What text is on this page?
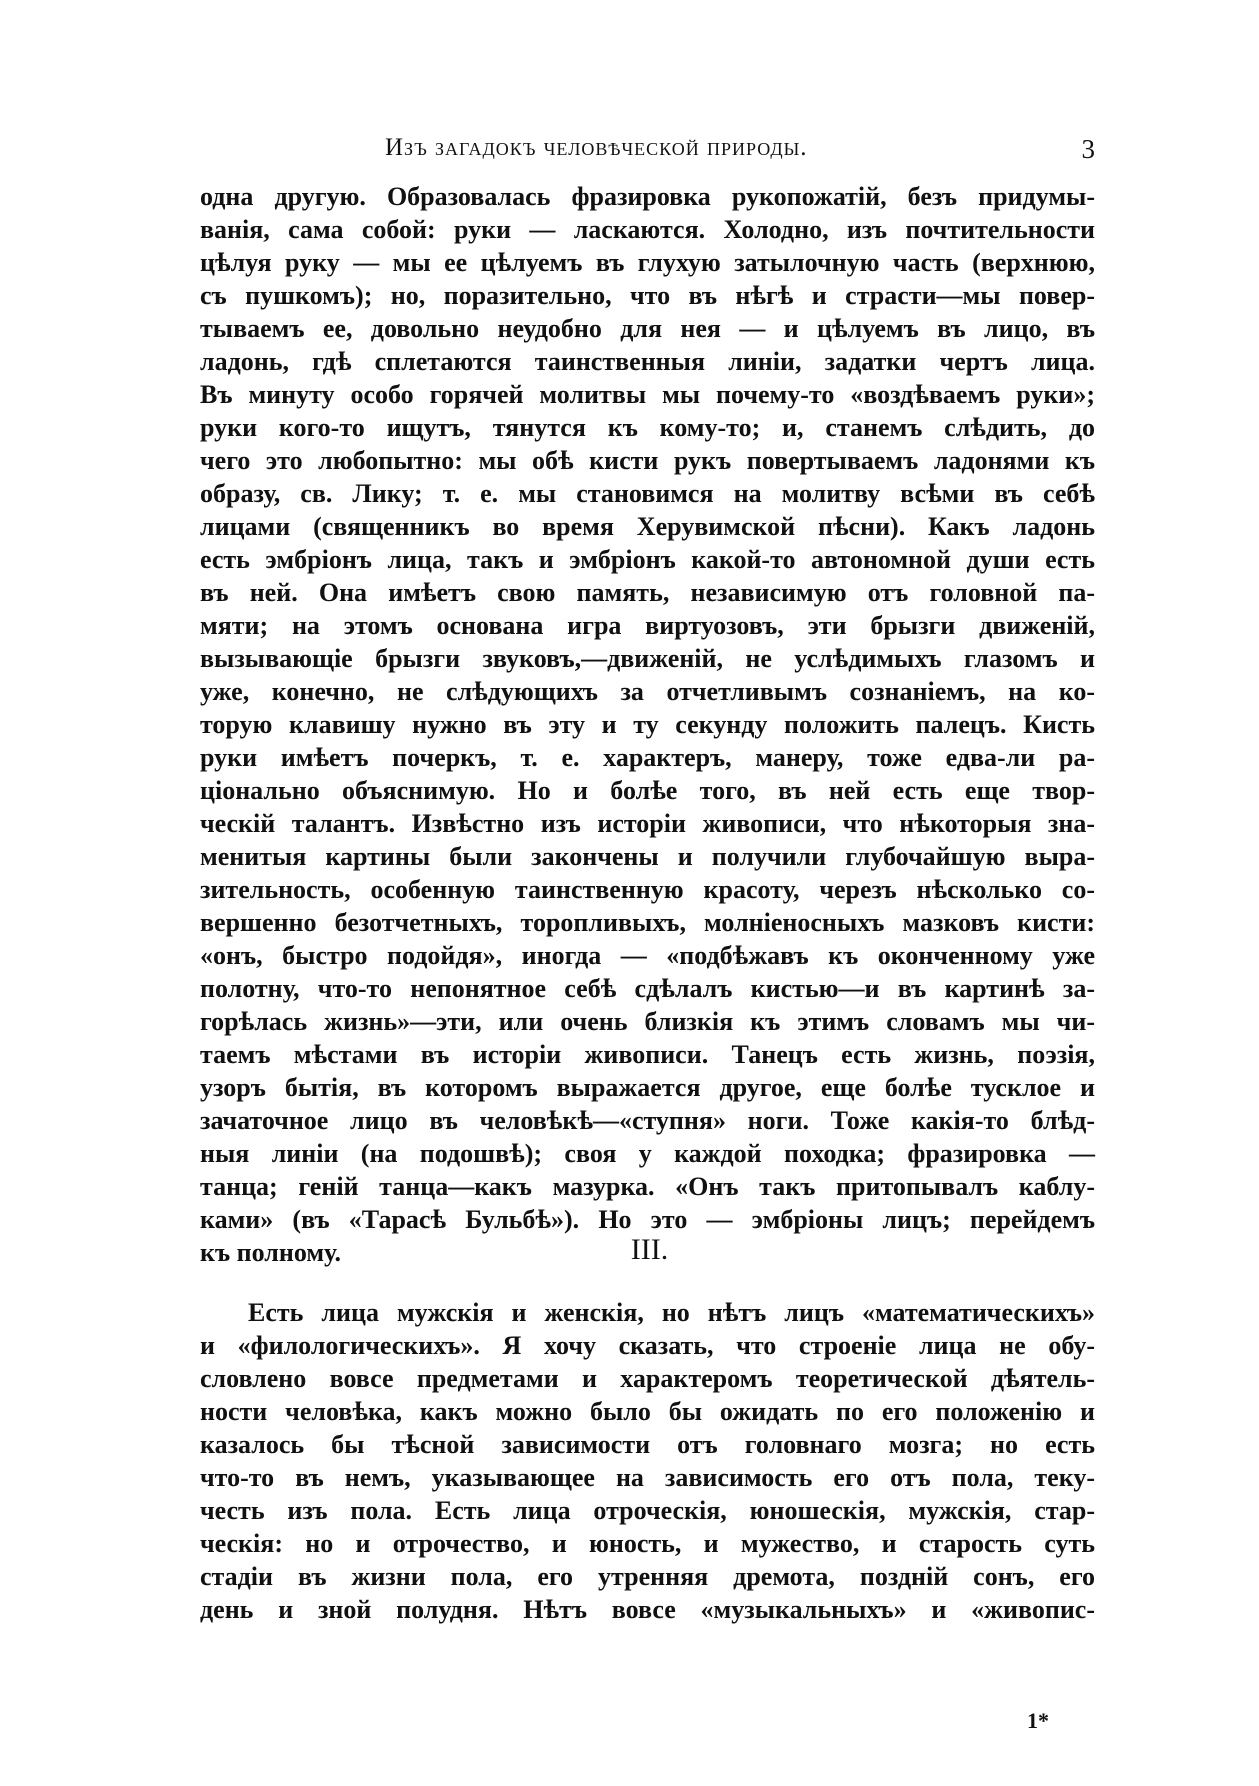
Изъ загадокъ человѣческой природы.	3
одна другую. Образовалась фразировка рукопожатій, безъ придумы-
ванія, сама собой: руки — ласкаются. Холодно, изъ почтительности
цѣлуя руку — мы ее цѣлуемъ въ глухую затылочную часть (верхнюю,
съ пушкомъ); но, поразительно, что въ нѣгѣ и страсти—мы повер-
тываемъ ее, довольно неудобно для нея — и цѣлуемъ въ лицо, въ
ладонь, гдѣ сплетаются таинственныя линіи, задатки чертъ лица.
Въ минуту особо горячей молитвы мы почему-то «воздѣваемъ руки»;
руки кого-то ищутъ, тянутся къ кому-то; и, станемъ слѣдить, до
чего это любопытно: мы обѣ кисти рукъ повертываемъ ладонями къ
образу, св. Лику; т. е. мы становимся на молитву всѣми въ себѣ
лицами (священникъ во время Херувимской пѣсни). Какъ ладонь
есть эмбріонъ лица, такъ и эмбріонъ какой-то автономной души есть
въ ней. Она имѣетъ свою память, независимую отъ головной па-
мяти; на этомъ основана игра виртуозовъ, эти брызги движеній,
вызывающіе брызги звуковъ,—движеній, не услѣдимыхъ глазомъ и
уже, конечно, не слѣдующихъ за отчетливымъ сознаніемъ, на ко-
торую клавишу нужно въ эту и ту секунду положить палецъ. Кисть
руки имѣетъ почеркъ, т. е. характеръ, манеру, тоже едва-ли ра-
ціонально объяснимую. Но и болѣе того, въ ней есть еще твор-
ческій талантъ. Извѣстно изъ исторіи живописи, что нѣкоторыя зна-
менитыя картины были закончены и получили глубочайшую выра-
зительность, особенную таинственную красоту, черезъ нѣсколько со-
вершенно безотчетныхъ, торопливыхъ, молніеносныхъ мазковъ кисти:
«онъ, быстро подойдя», иногда — «подбѣжавъ къ оконченному уже
полотну, что-то непонятное себѣ сдѣлалъ кистью—и въ картинѣ за-
горѣлась жизнь»—эти, или очень близкія къ этимъ словамъ мы чи-
таемъ мѣстами въ исторіи живописи. Танецъ есть жизнь, поэзія,
узоръ бытія, въ которомъ выражается другое, еще болѣе тусклое и
зачаточное лицо въ человѣкѣ—«ступня» ноги. Тоже какія-то блѣд-
ныя линіи (на подошвѣ); своя у каждой походка; фразировка —
танца; геній танца—какъ мазурка. «Онъ такъ притопывалъ каблу-
ками» (въ «Тарасѣ Бульбѣ»). Но это — эмбріоны лицъ; перейдемъ
къ полному.	III.
Есть лица мужскія и женскія, но нѣтъ лицъ «математическихъ»
и «филологическихъ». Я хочу сказать, что строеніе лица не обу-
словлено вовсе предметами и характеромъ теоретической дѣятель-
ности человѣка, какъ можно было бы ожидать по его положенію и
казалось бы тѣсной зависимости отъ головнаго мозга; но есть
что-то въ немъ, указывающее на зависимость его отъ пола, теку-
честь изъ пола. Есть лица отроческія, юношескія, мужскія, стар-
ческія: но и отрочество, и юность, и мужество, и старость суть
стадіи въ жизни пола, его утренняя дремота, поздній сонъ, его
день и зной полудня. Нѣтъ вовсе «музыкальныхъ» и «живопис-
1*
